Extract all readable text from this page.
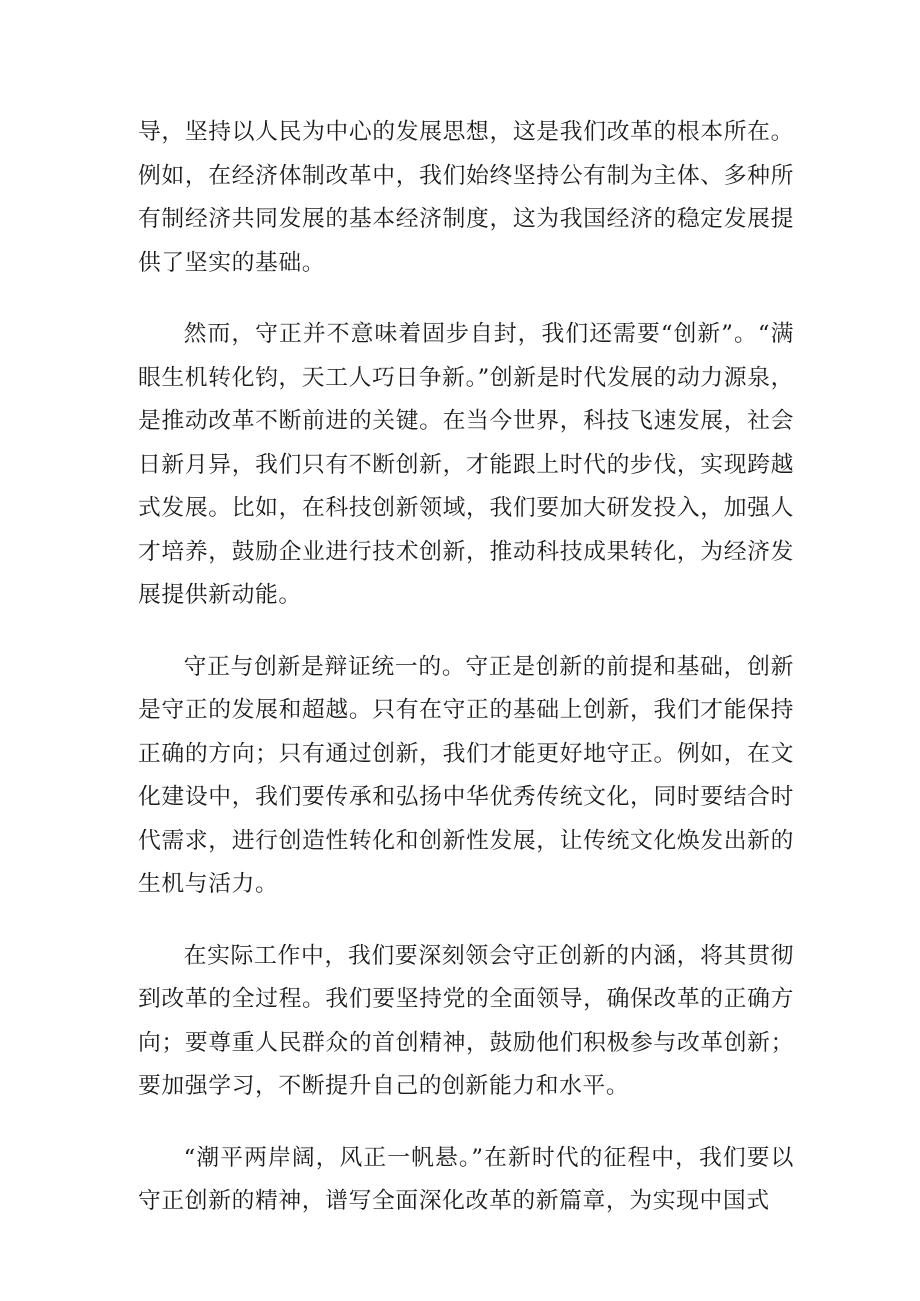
导，坚持以人民为中心的发展思想，这是我们改革的根本所在。例如，在经济体制改革中，我们始终坚持公有制为主体、多种所有制经济共同发展的基本经济制度，这为我国经济的稳定发展提供了坚实的基础。

然而，守正并不意味着固步自封，我们还需要“创新”。“满眼生机转化钧，天工人巧日争新。”创新是时代发展的动力源泉，是推动改革不断前进的关键。在当今世界，科技飞速发展，社会日新月异，我们只有不断创新，才能跟上时代的步伐，实现跨越式发展。比如，在科技创新领域，我们要加大研发投入，加强人才培养，鼓励企业进行技术创新，推动科技成果转化，为经济发展提供新动能。

守正与创新是辩证统一的。守正是创新的前提和基础，创新是守正的发展和超越。只有在守正的基础上创新，我们才能保持正确的方向；只有通过创新，我们才能更好地守正。例如，在文化建设中，我们要传承和弘扬中华优秀传统文化，同时要结合时代需求，进行创造性转化和创新性发展，让传统文化焕发出新的生机与活力。

在实际工作中，我们要深刻领会守正创新的内涵，将其贯彻到改革的全过程。我们要坚持党的全面领导，确保改革的正确方向；要尊重人民群众的首创精神，鼓励他们积极参与改革创新；要加强学习，不断提升自己的创新能力和水平。

“潮平两岸阔，风正一帆悬。”在新时代的征程中，我们要以守正创新的精神，谱写全面深化改革的新篇章，为实现中国式
